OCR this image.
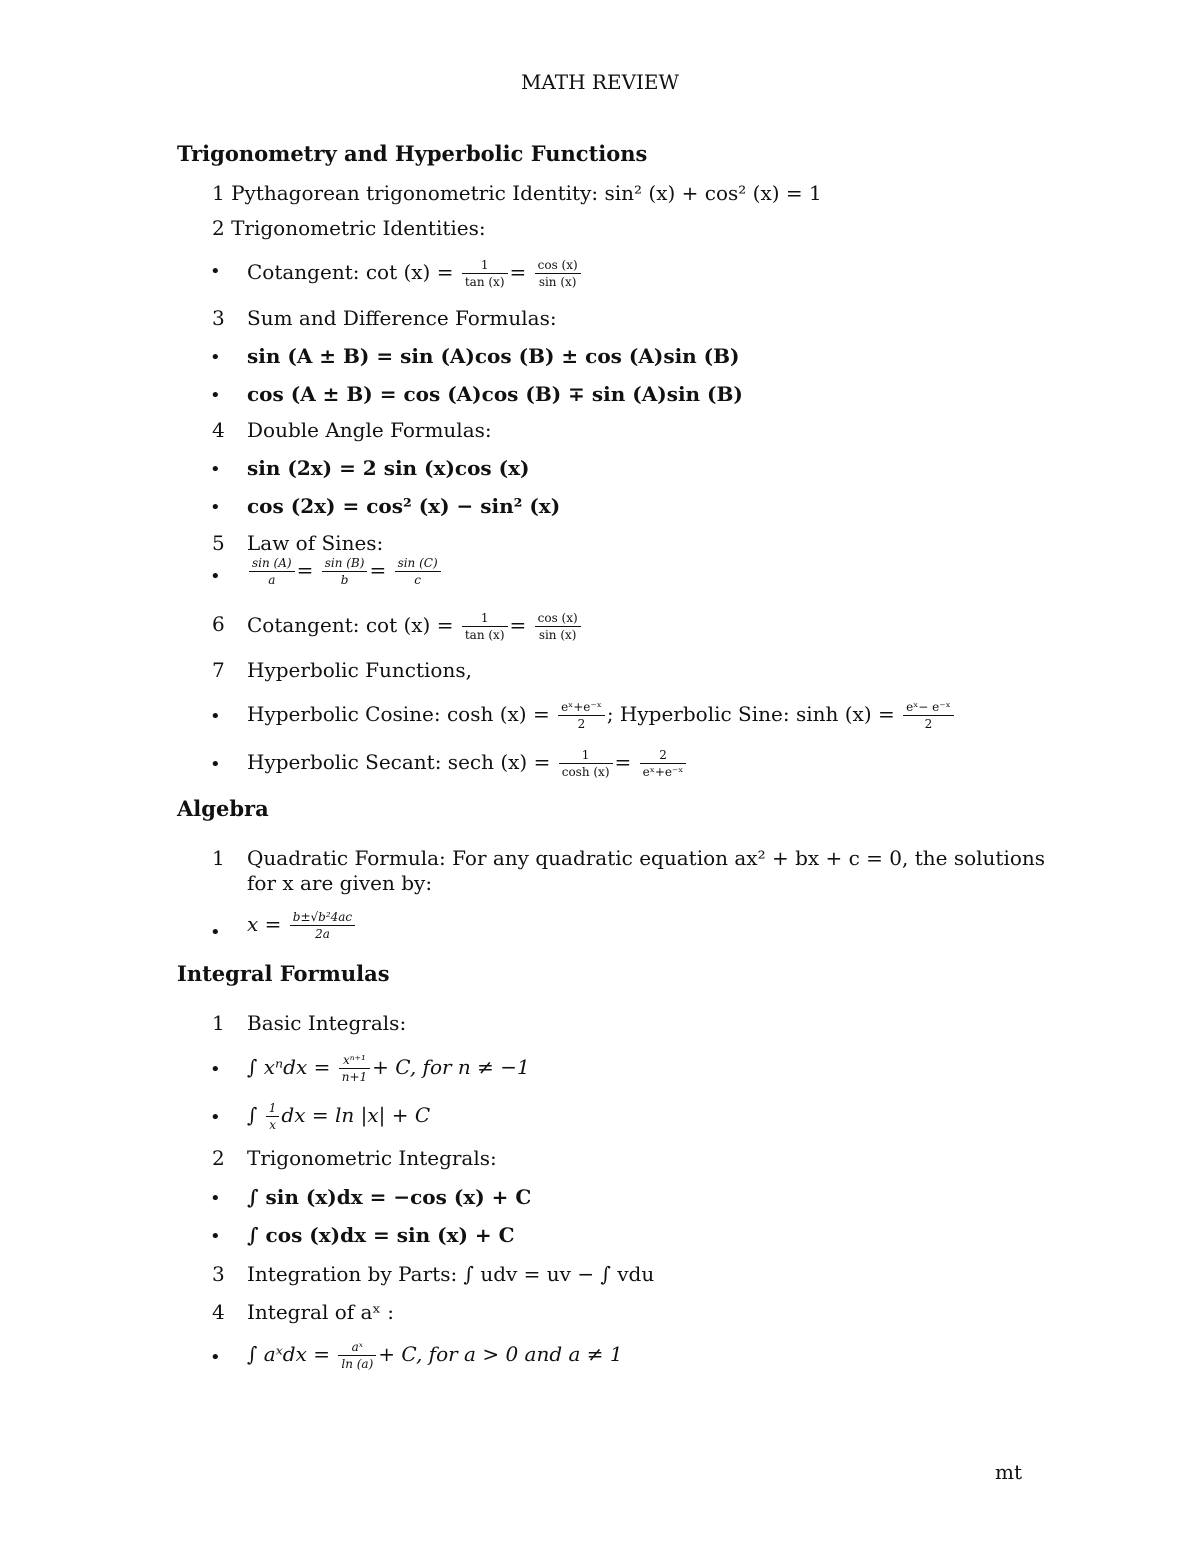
MATH REVIEW
Trigonometry and Hyperbolic Functions
1 Pythagorean trigonometric Identity: sin² (x) + cos² (x) = 1
2 Trigonometric Identities:
• Cotangent: $\cot (x) = \frac{1}{\tan (x)} = \frac{\cos (x)}{\sin (x)}$
3 Sum and Difference Formulas:
• sin (A ± B) = sin (A)cos (B) ± cos (A)sin (B)
• cos (A ± B) = cos (A)cos (B) ∓ sin (A)sin (B)
4 Double Angle Formulas:
• sin (2x) = 2 sin (x)cos (x)
• cos (2x) = cos² (x) − sin² (x)
5 Law of Sines:
• $\frac{\sin (A)}{a} = \frac{\sin (B)}{b} = \frac{\sin (C)}{c}$
6 Cotangent: $\cot (x) = \frac{1}{\tan (x)} = \frac{\cos (x)}{\sin (x)}$
7 Hyperbolic Functions,
• Hyperbolic Cosine: $\cosh (x) = \frac{\text{eˣ+e⁻ˣ}}{2}$ ; Hyperbolic Sine: $\sinh (x) = \frac{\text{eˣ− e⁻ˣ}}{2}$
• Hyperbolic Secant: sech $(x) = \frac{1}{\cosh (x)} = \frac{2}{\text{eˣ+e⁻ˣ}}$
Algebra
1 Quadratic Formula: For any quadratic equation ax² + bx + c = 0, the solutions
for x are given by:
• $x = \frac{\text{b±√b²4ac}}{2a}$
Integral Formulas
1 Basic Integrals:
• ∫ $x^ndx = \frac{\text{xⁿ⁺¹}}{n+1} + C$, for n ≠ −1
• ∫ $\frac{1}{x}$ dx = ln |x| + C
2 Trigonometric Integrals:
• ∫ sin (x)dx = −cos (x) + C
• ∫ cos (x)dx = sin (x) + C
3 Integration by Parts: ∫ udv = uv − ∫ vdu
4 Integral of aˣ :
• ∫ aˣdx = $\frac{\text{aˣ}}{\ln (a)} + C$, for a > 0 and a ≠ 1
mt
